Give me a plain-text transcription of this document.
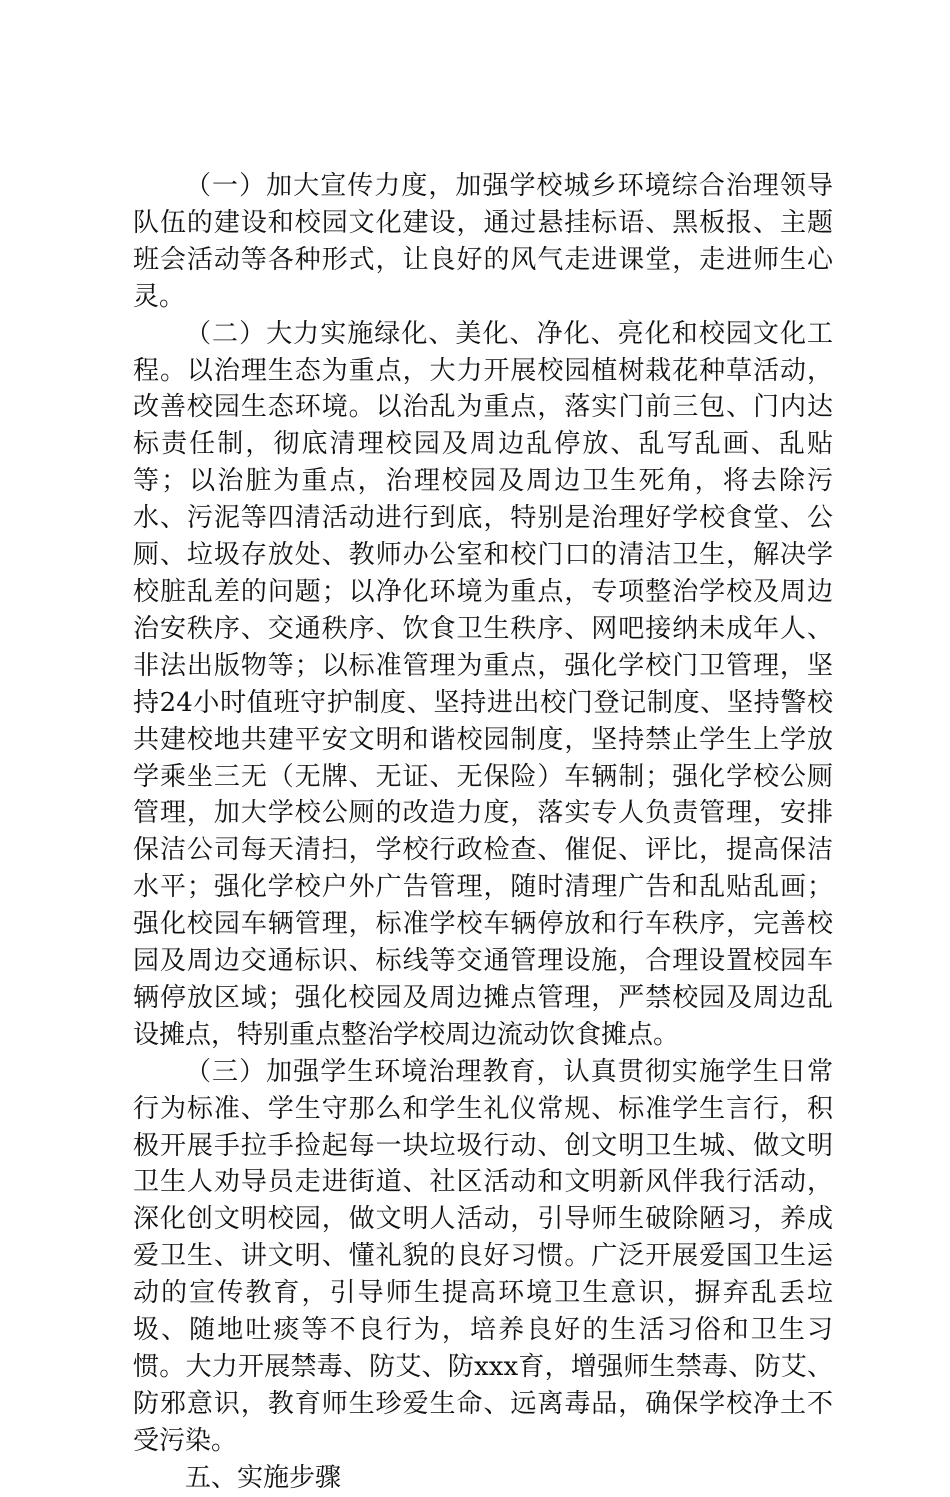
（一）加大宣传力度，加强学校城乡环境综合治理领导队伍的建设和校园文化建设，通过悬挂标语、黑板报、主题班会活动等各种形式，让良好的风气走进课堂，走进师生心灵。

（二）大力实施绿化、美化、净化、亮化和校园文化工程。以治理生态为重点，大力开展校园植树栽花种草活动，改善校园生态环境。以治乱为重点，落实门前三包、门内达标责任制，彻底清理校园及周边乱停放、乱写乱画、乱贴等；以治脏为重点，治理校园及周边卫生死角，将去除污水、污泥等四清活动进行到底，特别是治理好学校食堂、公厕、垃圾存放处、教师办公室和校门口的清洁卫生，解决学校脏乱差的问题；以净化环境为重点，专项整治学校及周边治安秩序、交通秩序、饮食卫生秩序、网吧接纳未成年人、非法出版物等；以标准管理为重点，强化学校门卫管理，坚持24小时值班守护制度、坚持进出校门登记制度、坚持警校共建校地共建平安文明和谐校园制度，坚持禁止学生上学放学乘坐三无（无牌、无证、无保险）车辆制；强化学校公厕管理，加大学校公厕的改造力度，落实专人负责管理，安排保洁公司每天清扫，学校行政检查、催促、评比，提高保洁水平；强化学校户外广告管理，随时清理广告和乱贴乱画；强化校园车辆管理，标准学校车辆停放和行车秩序，完善校园及周边交通标识、标线等交通管理设施，合理设置校园车辆停放区域；强化校园及周边摊点管理，严禁校园及周边乱设摊点，特别重点整治学校周边流动饮食摊点。

（三）加强学生环境治理教育，认真贯彻实施学生日常行为标准、学生守那么和学生礼仪常规、标准学生言行，积极开展手拉手捡起每一块垃圾行动、创文明卫生城、做文明卫生人劝导员走进街道、社区活动和文明新风伴我行活动，深化创文明校园，做文明人活动，引导师生破除陋习，养成爱卫生、讲文明、懂礼貌的良好习惯。广泛开展爱国卫生运动的宣传教育，引导师生提高环境卫生意识，摒弃乱丢垃圾、随地吐痰等不良行为，培养良好的生活习俗和卫生习惯。大力开展禁毒、防艾、防xxx育，增强师生禁毒、防艾、防邪意识，教育师生珍爱生命、远离毒品，确保学校净土不受污染。

五、实施步骤
